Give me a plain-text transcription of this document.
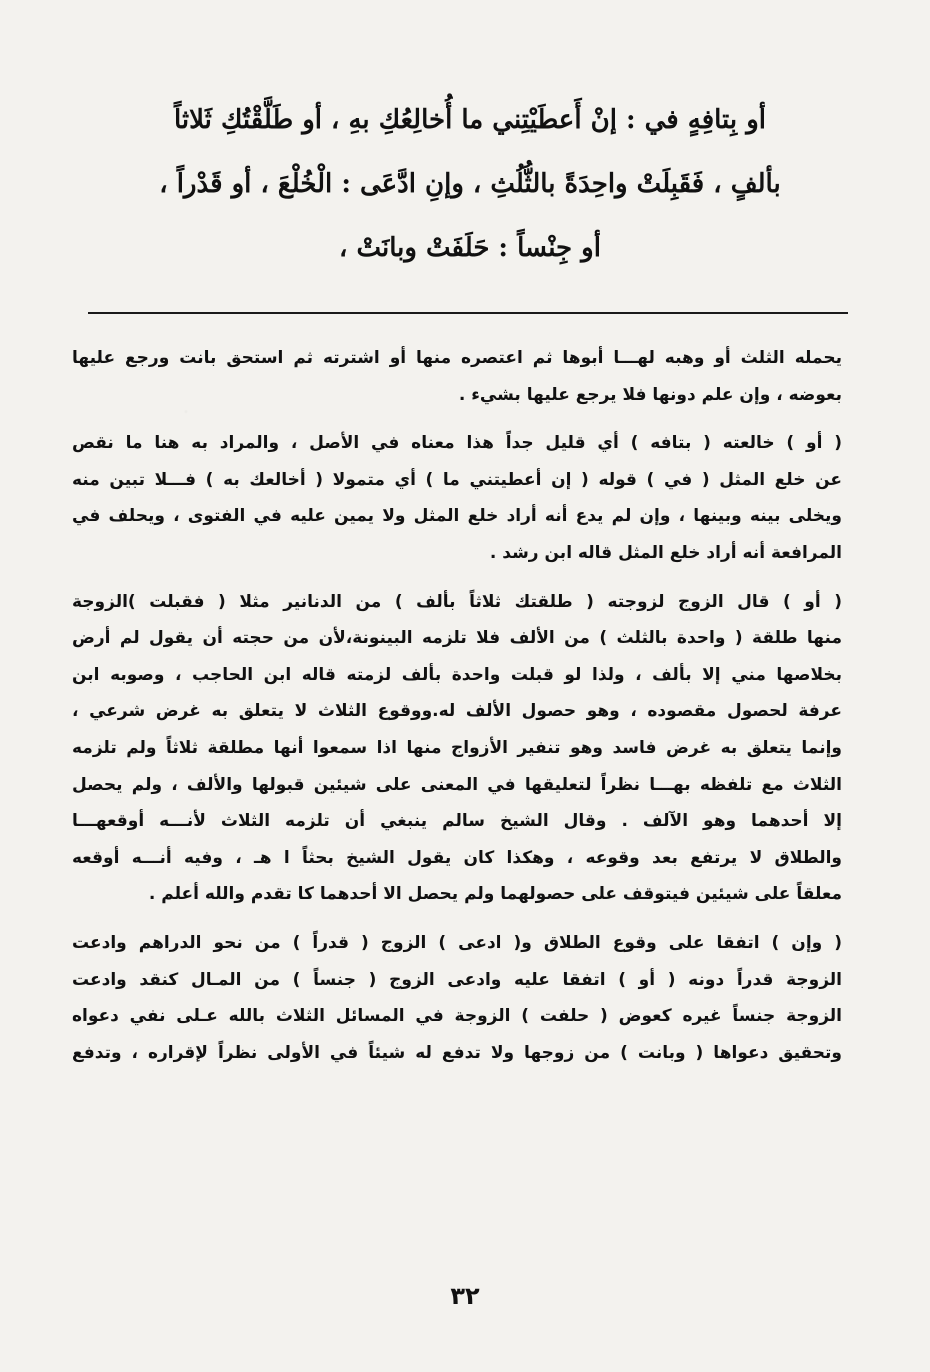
أو بِتافِهٍ في : إنْ أَعطَيْتِني ما أُخالِعُكِ بهِ ، أو طَلَّقْتُكِ ثَلاثاً
بألفٍ ، فَقَبِلَتْ واحِدَةً بالثُّلُثِ ، وإنِ ادَّعَى : الْخُلْعَ ، أو قَدْراً ،
أو جِنْساً : حَلَفَتْ وبانَتْ ،
يحمله الثلث أو وهبه لهـــا أبوها ثم اعتصره منها أو اشترته ثم استحق بانت ورجع عليها
بعوضه ، وإن علم دونها فلا يرجع عليها بشيء .
( أو ) خالعته ( بتافه ) أي قليل جداً هذا معناه في الأصل ، والمراد به هنا ما نقص
عن خلع المثل ( في ) قوله ( إن أعطيتني ما ) أي متمولا ( أخالعك به ) فـــلا تبين منه
ويخلى بينه وبينها ، وإن لم يدع أنه أراد خلع المثل ولا يمين عليه في الفتوى ، ويحلف في
المرافعة أنه أراد خلع المثل قاله ابن رشد .
( أو ) قال الزوج لزوجته ( طلقتك ثلاثاً بألف ) من الدنانير مثلا ( فقبلت )الزوجة
منها طلقة ( واحدة بالثلث ) من الألف فلا تلزمه البينونة،لأن من حجته أن يقول لم أرض
بخلاصها مني إلا بألف ، ولذا لو قبلت واحدة بألف لزمته قاله ابن الحاجب ، وصوبه ابن
عرفة لحصول مقصوده ، وهو حصول الألف له.ووقوع الثلاث لا يتعلق به غرض شرعي ،
وإنما يتعلق به غرض فاسد وهو تنفير الأزواج منها اذا سمعوا أنها مطلقة ثلاثاً ولم تلزمه
الثلاث مع تلفظه بهـــا نظراً لتعليقها في المعنى على شيئين قبولها والألف ، ولم يحصل
إلا أحدهما وهو الآلف . وقال الشيخ سالم ينبغي أن تلزمه الثلاث لأنـــه أوقعهـــا
والطلاق لا يرتفع بعد وقوعه ، وهكذا كان يقول الشيخ بحثاً ا هـ ، وفيه أنـــه أوقعه
معلقاً على شيئين فيتوقف على حصولهما ولم يحصل الا أحدهما كا تقدم والله أعلم .
( وإن ) اتفقا على وقوع الطلاق و( ادعى ) الزوج ( قدراً ) من نحو الدراهم وادعت
الزوجة قدراً دونه ( أو ) اتفقا عليه وادعى الزوج ( جنساً ) من المـال كنقد وادعت
الزوجة جنساً غيره كعوض ( حلفت ) الزوجة في المسائل الثلاث بالله عـلى نفي دعواه
وتحقيق دعواها ( وبانت ) من زوجها ولا تدفع له شيئاً في الأولى نظراً لإقراره ، وتدفع
٣٢
